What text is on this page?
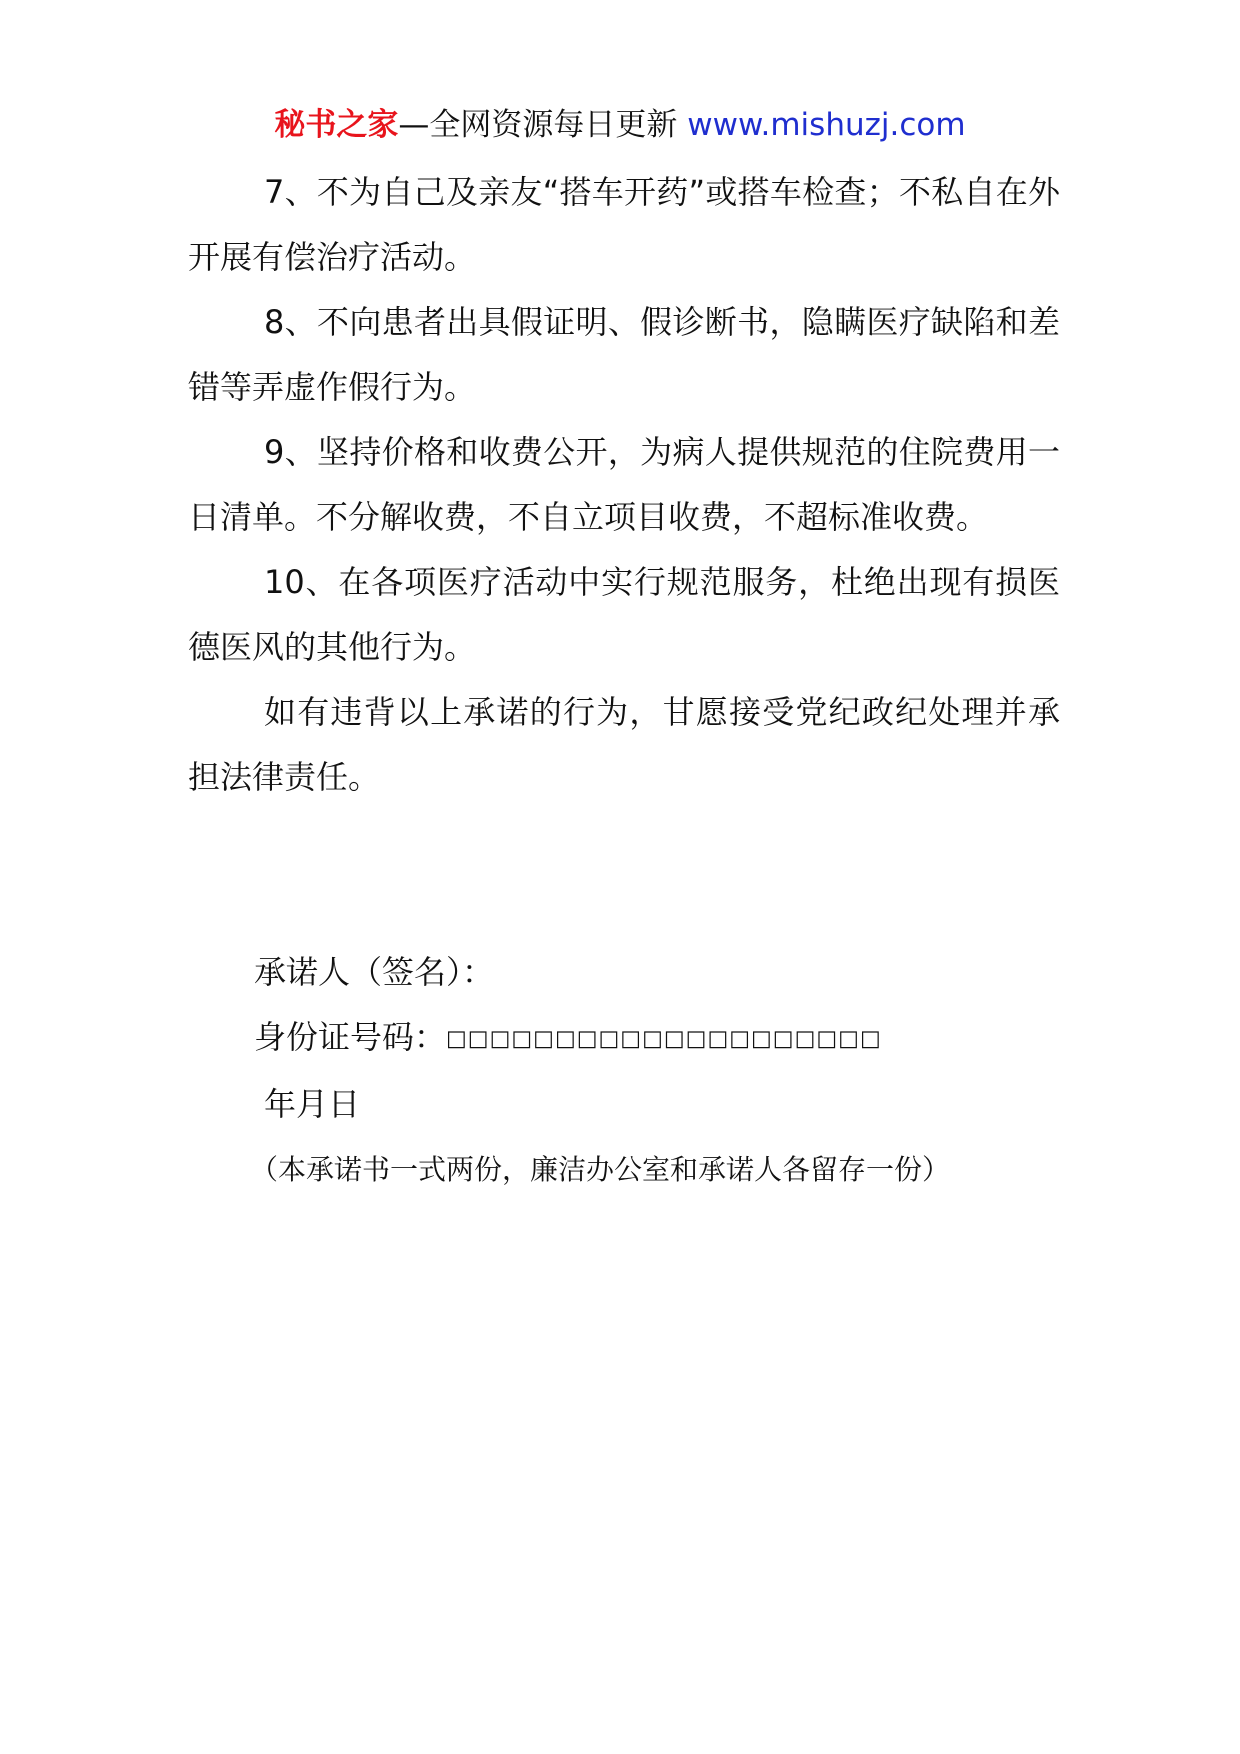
秘书之家—全网资源每日更新 www.mishuzj.com

7、不为自己及亲友“搭车开药”或搭车检查；不私自在外开展有偿治疗活动。

8、不向患者出具假证明、假诊断书，隐瞒医疗缺陷和差错等弄虚作假行为。

9、坚持价格和收费公开，为病人提供规范的住院费用一日清单。不分解收费，不自立项目收费，不超标准收费。

10、在各项医疗活动中实行规范服务，杜绝出现有损医德医风的其他行为。

如有违背以上承诺的行为，甘愿接受党纪政纪处理并承担法律责任。

承诺人（签名）：
身份证号码：□□□□□□□□□□□□□□□□□□□□
年月日
（本承诺书一式两份，廉洁办公室和承诺人各留存一份）
